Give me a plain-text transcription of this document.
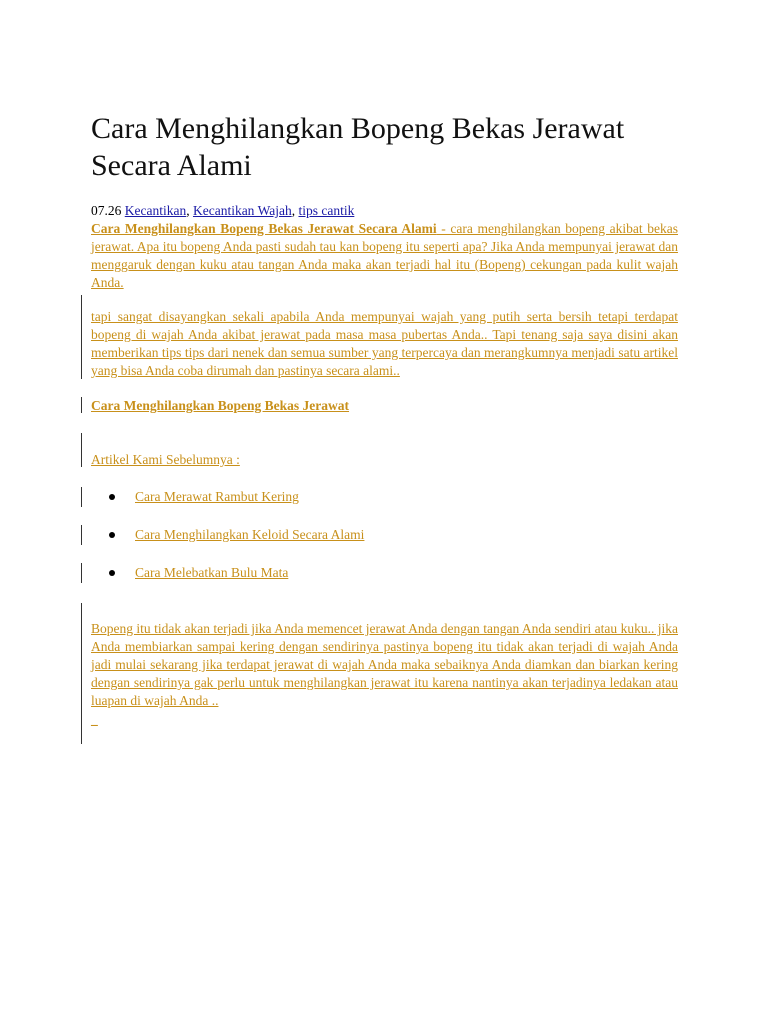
Cara Menghilangkan Bopeng Bekas Jerawat Secara Alami
07.26 Kecantikan, Kecantikan Wajah, tips cantik

Cara Menghilangkan Bopeng Bekas Jerawat Secara Alami - cara menghilangkan bopeng akibat bekas jerawat. Apa itu bopeng Anda pasti sudah tau kan bopeng itu seperti apa? Jika Anda mempunyai jerawat dan menggaruk dengan kuku atau tangan Anda maka akan terjadi hal itu (Bopeng) cekungan pada kulit wajah Anda.

tapi sangat disayangkan sekali apabila Anda mempunyai wajah yang putih serta bersih tetapi terdapat bopeng di wajah Anda akibat jerawat pada masa masa pubertas Anda.. Tapi tenang saja saya disini akan memberikan tips tips dari nenek dan semua sumber yang terpercaya dan merangkumnya menjadi satu artikel yang bisa Anda coba dirumah dan pastinya secara alami..

Cara Menghilangkan Bopeng Bekas Jerawat

Artikel Kami Sebelumnya :

Cara Merawat Rambut Kering
Cara Menghilangkan Keloid Secara Alami
Cara Melebatkan Bulu Mata

Bopeng itu tidak akan terjadi jika Anda memencet jerawat Anda dengan tangan Anda sendiri atau kuku.. jika Anda membiarkan sampai kering dengan sendirinya pastinya bopeng itu tidak akan terjadi di wajah Anda jadi mulai sekarang jika terdapat jerawat di wajah Anda maka sebaiknya Anda diamkan dan biarkan kering dengan sendirinya gak perlu untuk menghilangkan jerawat itu karena nantinya akan terjadinya ledakan atau luapan di wajah Anda ..

_
